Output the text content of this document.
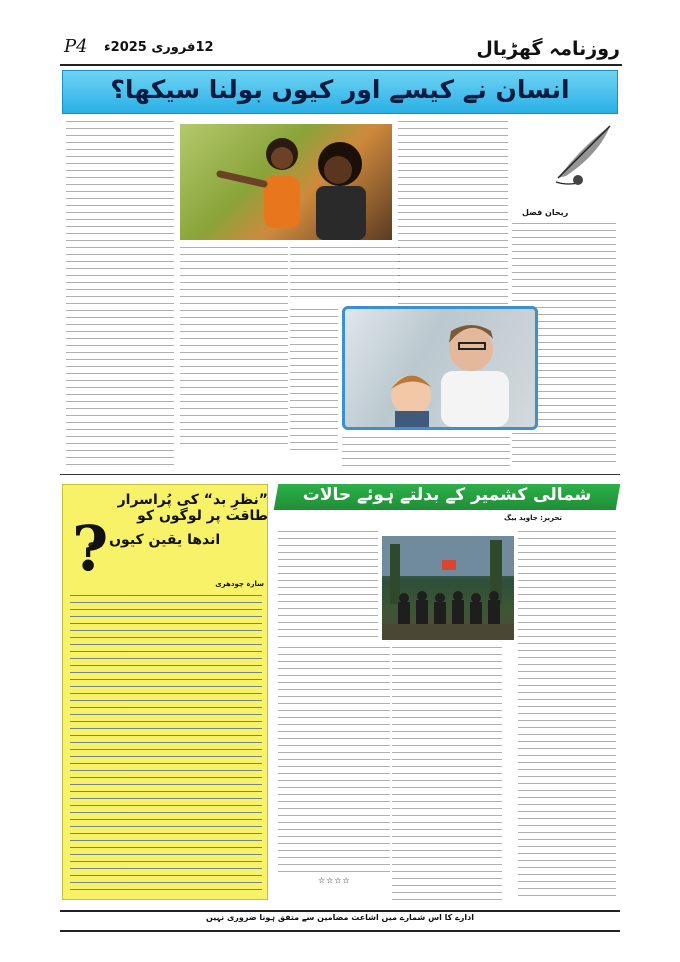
P4 12فروری 2025ء	روزنامہ گھڑیال
انسان نے کیسے اور کیوں بولنا سیکھا؟
ریحان فضل
”نظرِ بد“ کی پُراسرار طاقت پر لوگوں کو
اندھا یقین کیوں ہے
?	سارہ چودھری
شمالی کشمیر کے بدلتے ہوئے حالات
تحریر: جاوید بیگ
☆☆☆☆
ادارے کا اس شمارے میں اشاعت مضامین سے متفق ہونا ضروری نہیں
